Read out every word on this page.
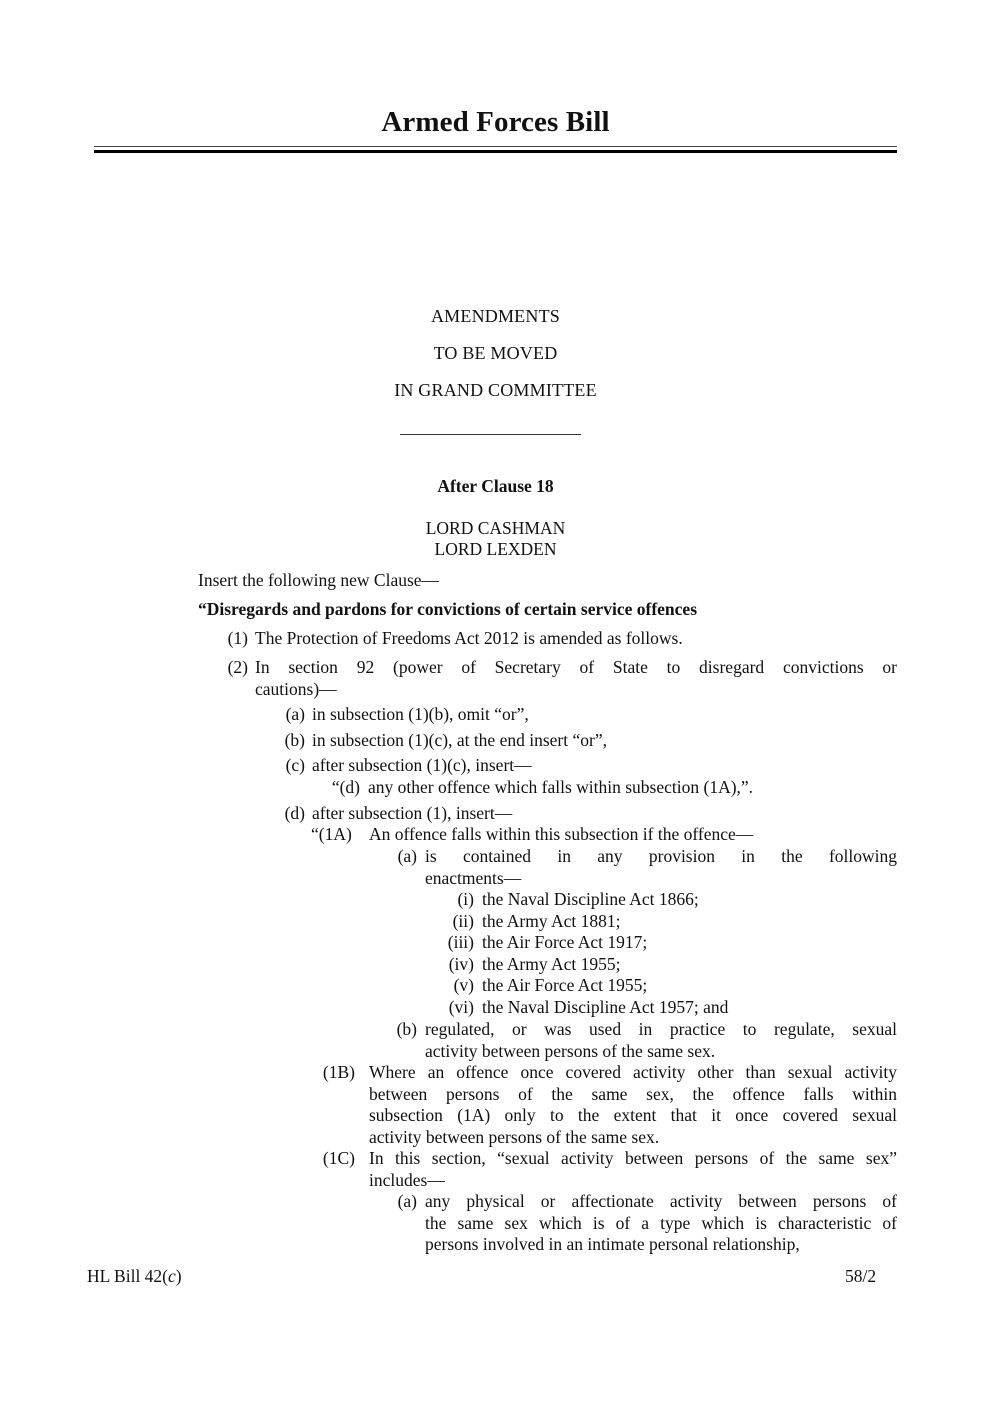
Armed Forces Bill
AMENDMENTS
TO BE MOVED
IN GRAND COMMITTEE
After Clause 18
LORD CASHMAN
LORD LEXDEN
Insert the following new Clause—
“Disregards and pardons for convictions of certain service offences
(1) The Protection of Freedoms Act 2012 is amended as follows.
(2) In section 92 (power of Secretary of State to disregard convictions or
cautions)—
(a) in subsection (1)(b), omit “or”,
(b) in subsection (1)(c), at the end insert “or”,
(c) after subsection (1)(c), insert—
“(d) any other offence which falls within subsection (1A),”.
(d) after subsection (1), insert—
“(1A) An offence falls within this subsection if the offence—
(a) is contained in any provision in the following
enactments—
(i) the Naval Discipline Act 1866;
(ii) the Army Act 1881;
(iii) the Air Force Act 1917;
(iv) the Army Act 1955;
(v) the Air Force Act 1955;
(vi) the Naval Discipline Act 1957; and
(b) regulated, or was used in practice to regulate, sexual
activity between persons of the same sex.
(1B) Where an offence once covered activity other than sexual activity
between persons of the same sex, the offence falls within
subsection (1A) only to the extent that it once covered sexual
activity between persons of the same sex.
(1C) In this section, “sexual activity between persons of the same sex”
includes—
(a) any physical or affectionate activity between persons of
the same sex which is of a type which is characteristic of
persons involved in an intimate personal relationship,
HL Bill 42(c)	58/2
